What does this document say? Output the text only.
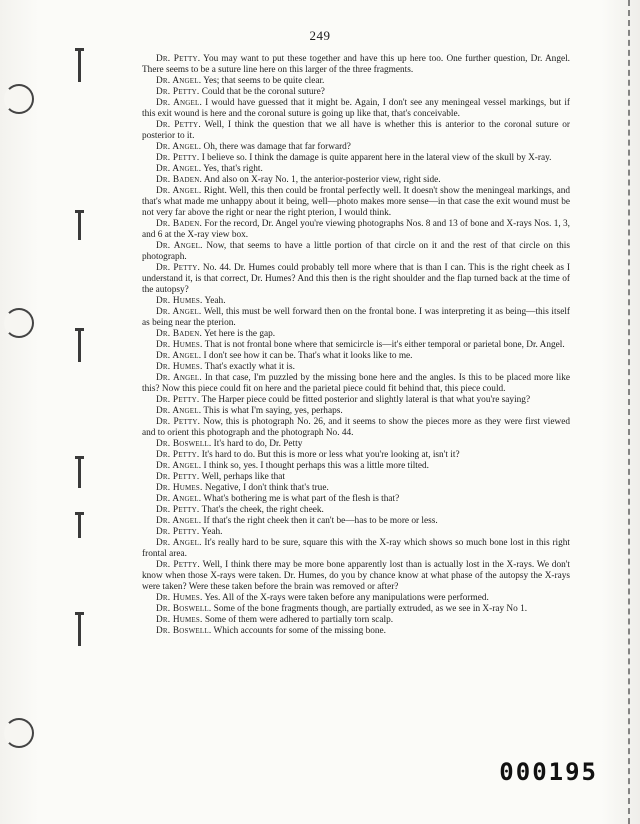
249

Dr. Petty. You may want to put these together and have this up here too. One further question, Dr. Angel. There seems to be a suture line here on this larger of the three fragments.

Dr. Angel. Yes; that seems to be quite clear.

Dr. Petty. Could that be the coronal suture?

Dr. Angel. I would have guessed that it might be. Again, I don't see any meningeal vessel markings, but if this exit wound is here and the coronal suture is going up like that, that's conceivable.

Dr. Petty. Well, I think the question that we all have is whether this is anterior to the coronal suture or posterior to it.

Dr. Angel. Oh, there was damage that far forward?

Dr. Petty. I believe so. I think the damage is quite apparent here in the lateral view of the skull by X-ray.

Dr. Angel. Yes, that's right.

Dr. Baden. And also on X-ray No. 1, the anterior-posterior view, right side.

Dr. Angel. Right. Well, this then could be frontal perfectly well. It doesn't show the meningeal markings, and that's what made me unhappy about it being, well—photo makes more sense—in that case the exit wound must be not very far above the right or near the right pterion, I would think.

Dr. Baden. For the record, Dr. Angel you're viewing photographs Nos. 8 and 13 of bone and X-rays Nos. 1, 3, and 6 at the X-ray view box.

Dr. Angel. Now, that seems to have a little portion of that circle on it and the rest of that circle on this photograph.

Dr. Petty. No. 44. Dr. Humes could probably tell more where that is than I can. This is the right cheek as I understand it, is that correct, Dr. Humes? And this then is the right shoulder and the flap turned back at the time of the autopsy?

Dr. Humes. Yeah.

Dr. Angel. Well, this must be well forward then on the frontal bone. I was interpreting it as being—this itself as being near the pterion.

Dr. Baden. Yet here is the gap.

Dr. Humes. That is not frontal bone where that semicircle is—it's either temporal or parietal bone, Dr. Angel.

Dr. Angel. I don't see how it can be. That's what it looks like to me.

Dr. Humes. That's exactly what it is.

Dr. Angel. In that case, I'm puzzled by the missing bone here and the angles. Is this to be placed more like this? Now this piece could fit on here and the parietal piece could fit behind that, this piece could.

Dr. Petty. The Harper piece could be fitted posterior and slightly lateral is that what you're saying?

Dr. Angel. This is what I'm saying, yes, perhaps.

Dr. Petty. Now, this is photograph No. 26, and it seems to show the pieces more as they were first viewed and to orient this photograph and the photograph No. 44.

Dr. Boswell. It's hard to do, Dr. Petty

Dr. Petty. It's hard to do. But this is more or less what you're looking at, isn't it?

Dr. Angel. I think so, yes. I thought perhaps this was a little more tilted.

Dr. Petty. Well, perhaps like that

Dr. Humes. Negative, I don't think that's true.

Dr. Angel. What's bothering me is what part of the flesh is that?

Dr. Petty. That's the cheek, the right cheek.

Dr. Angel. If that's the right cheek then it can't be—has to be more or less.

Dr. Petty. Yeah.

Dr. Angel. It's really hard to be sure, square this with the X-ray which shows so much bone lost in this right frontal area.

Dr. Petty. Well, I think there may be more bone apparently lost than is actually lost in the X-rays. We don't know when those X-rays were taken. Dr. Humes, do you by chance know at what phase of the autopsy the X-rays were taken? Were these taken before the brain was removed or after?

Dr. Humes. Yes. All of the X-rays were taken before any manipulations were performed.

Dr. Boswell. Some of the bone fragments though, are partially extruded, as we see in X-ray No 1.

Dr. Humes. Some of them were adhered to partially torn scalp.

Dr. Boswell. Which accounts for some of the missing bone.

000195
